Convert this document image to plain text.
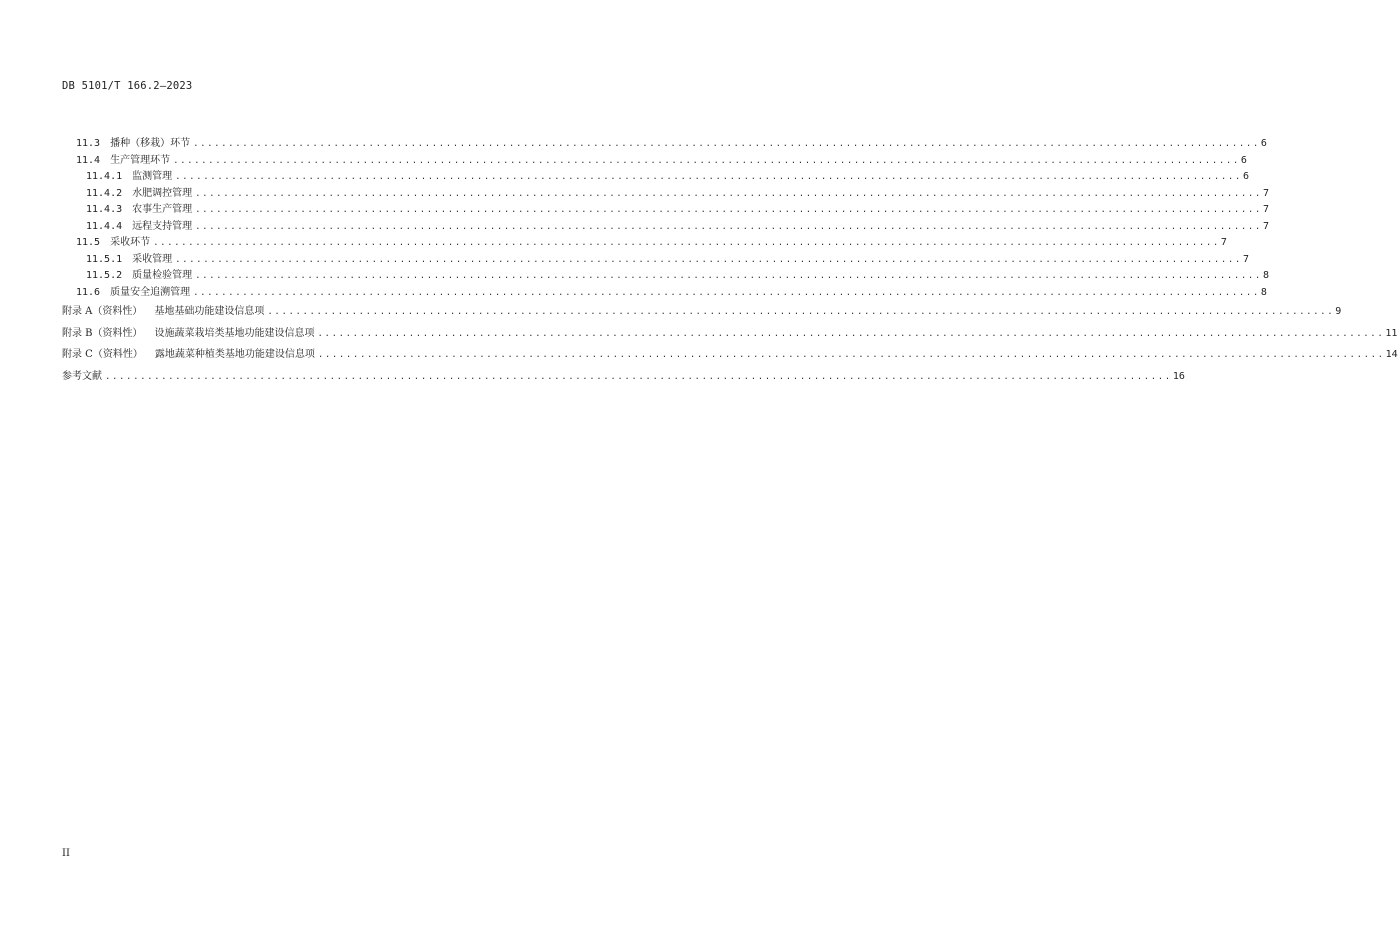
DB 5101/T 166.2—2023
11.3 播种（移栽）环节 ........................................................................................................................................................ 6
11.4 生产管理环节 ........................................................................................................................................................ 6
11.4.1 监测管理 ........................................................................................................................................................ 6
11.4.2 水肥调控管理 ........................................................................................................................................................ 7
11.4.3 农事生产管理 ........................................................................................................................................................ 7
11.4.4 远程支持管理 ........................................................................................................................................................ 7
11.5 采收环节 ........................................................................................................................................................ 7
11.5.1 采收管理 ........................................................................................................................................................ 7
11.5.2 质量检验管理 ........................................................................................................................................................ 8
11.6 质量安全追溯管理 ........................................................................................................................................................ 8
附录 A（资料性） 基地基础功能建设信息项 ........................................................................................................................................................ 9
附录 B（资料性） 设施蔬菜栽培类基地功能建设信息项 ........................................................................................................................................................ 11
附录 C（资料性） 露地蔬菜种植类基地功能建设信息项 ........................................................................................................................................................ 14
参考文献 ........................................................................................................................................................ 16
II
